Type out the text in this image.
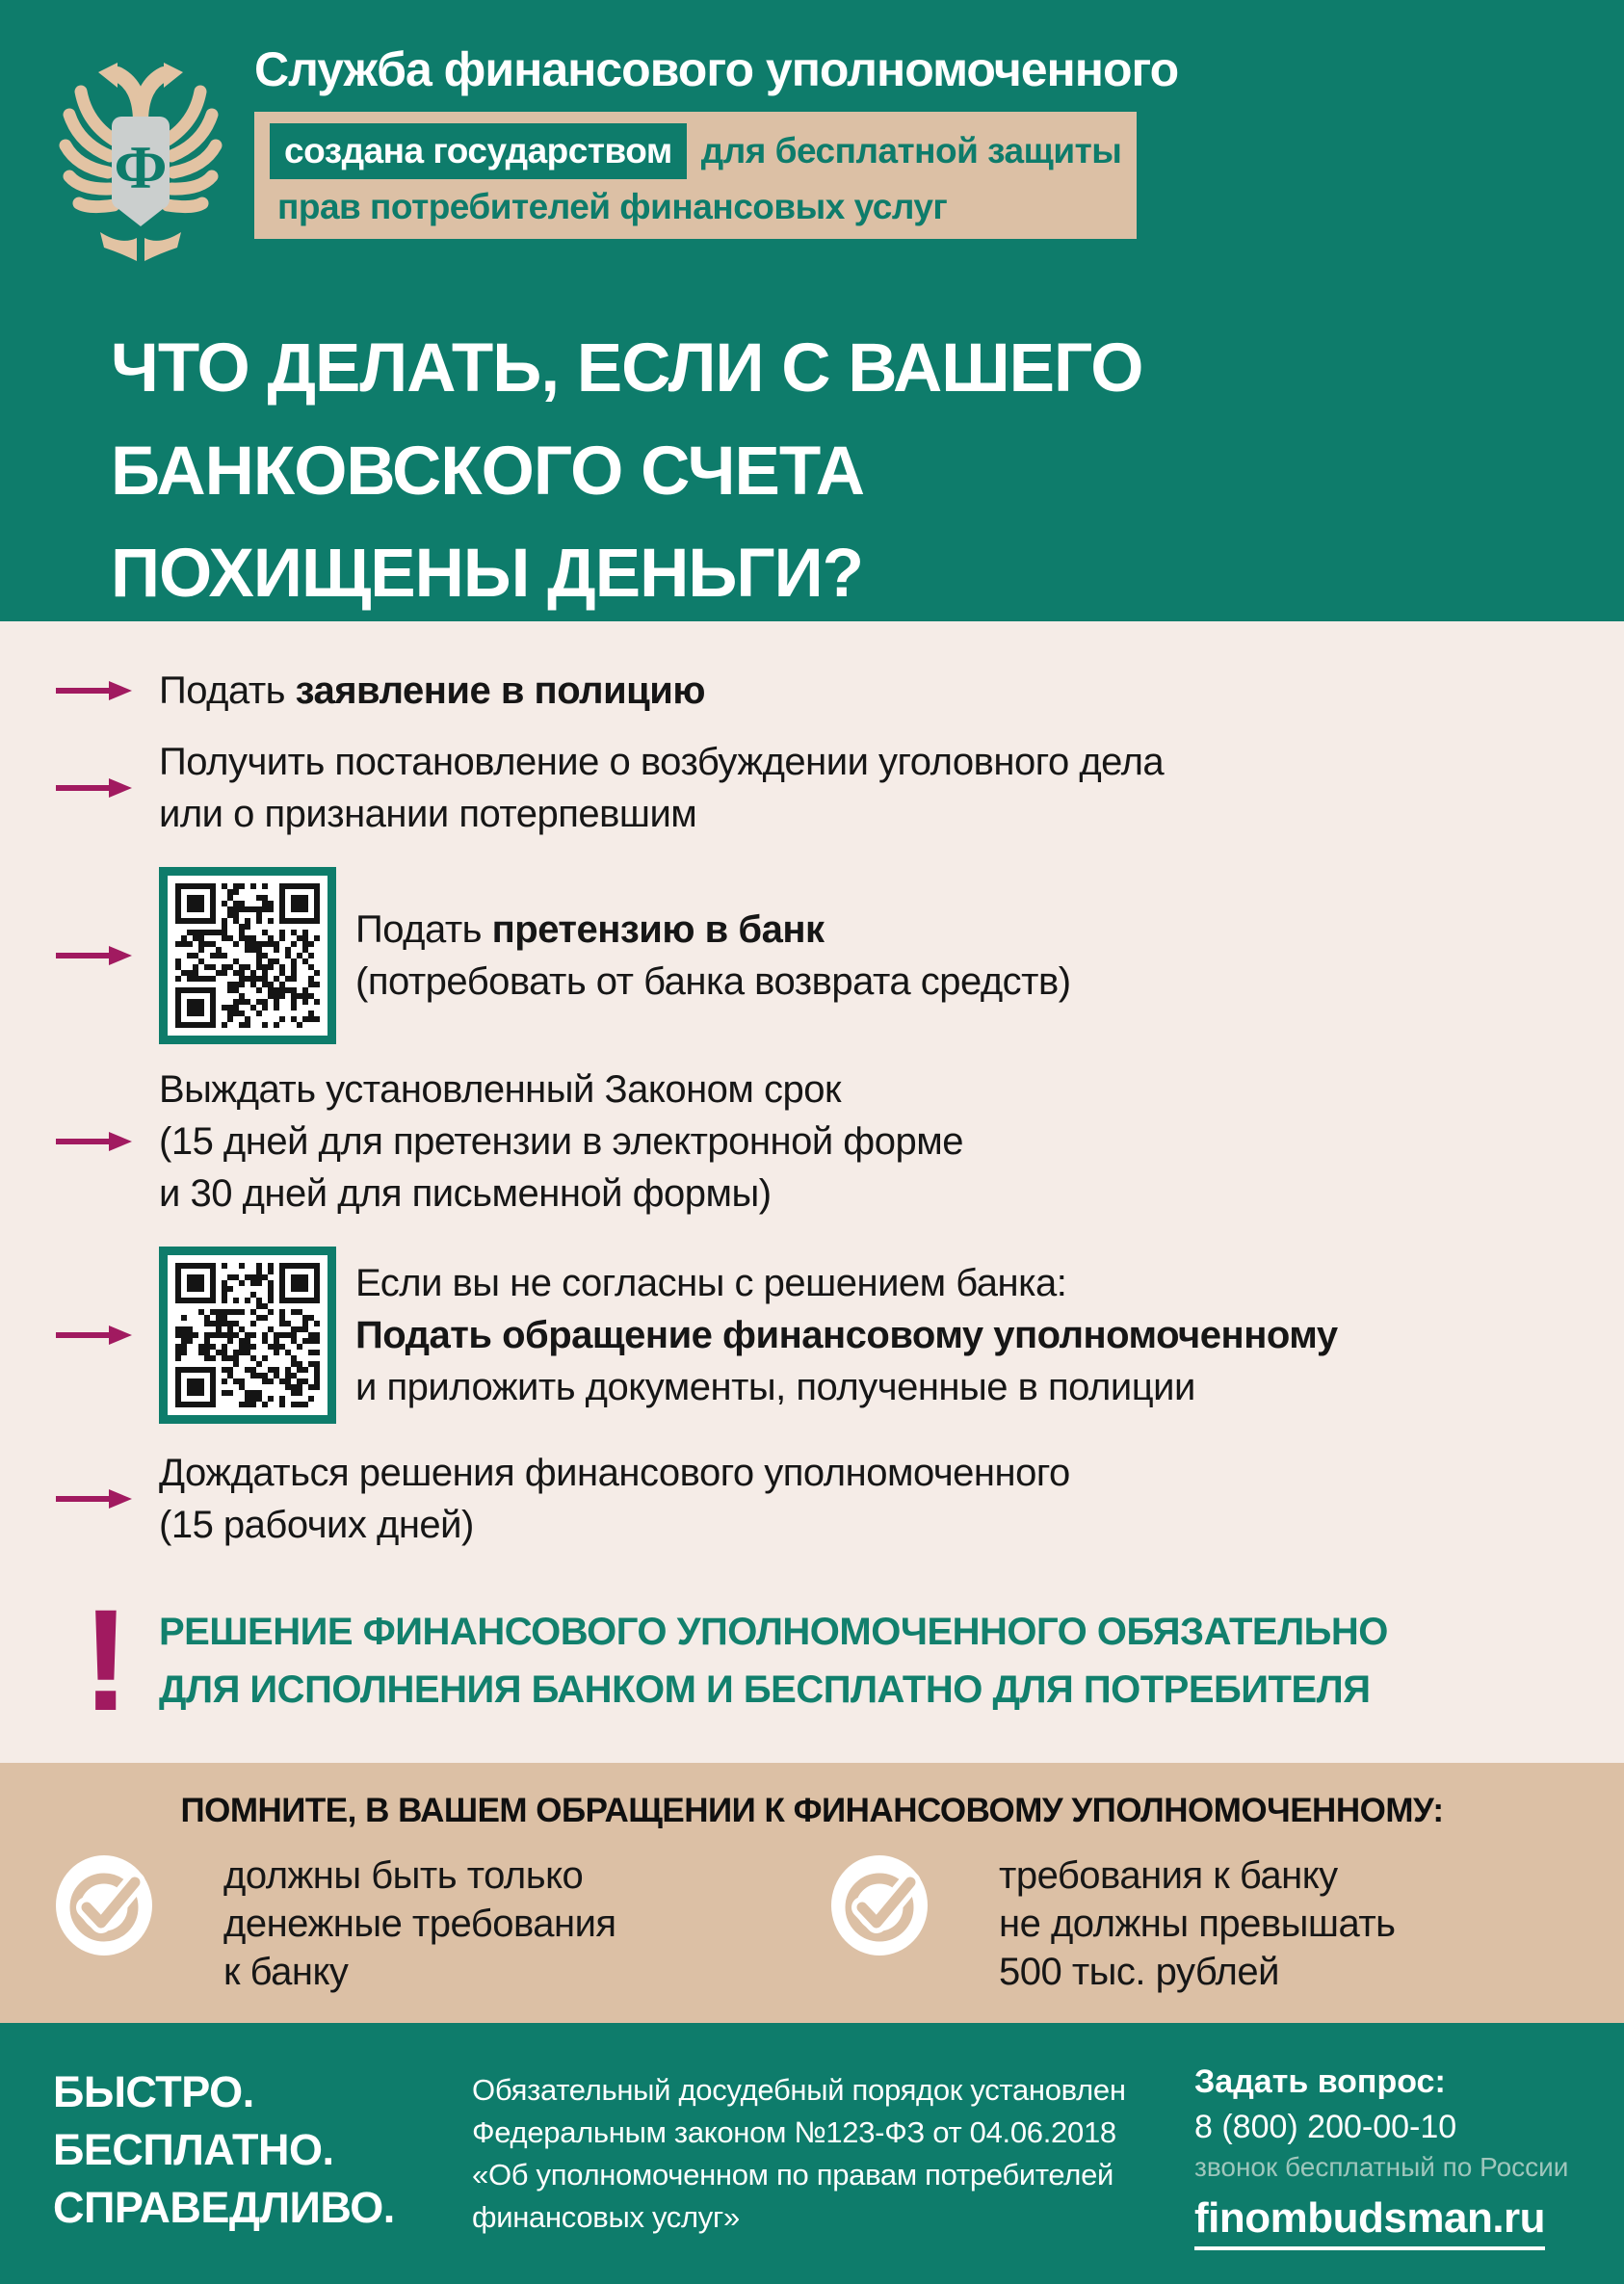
Ф
Служба финансового уполномоченного
создана государством для бесплатной защиты
прав потребителей финансовых услуг
ЧТО ДЕЛАТЬ, ЕСЛИ С ВАШЕГО
БАНКОВСКОГО СЧЕТА
ПОХИЩЕНЫ ДЕНЬГИ?
Подать заявление в полицию
Получить постановление о возбуждении уголовного дела
или о признании потерпевшим
Подать претензию в банк
(потребовать от банка возврата средств)
Выждать установленный Законом срок
(15 дней для претензии в электронной форме
и 30 дней для письменной формы)
Если вы не согласны с решением банка:
Подать обращение финансовому уполномоченному
и приложить документы, полученные в полиции
Дождаться решения финансового уполномоченного
(15 рабочих дней)
! РЕШЕНИЕ ФИНАНСОВОГО УПОЛНОМОЧЕННОГО ОБЯЗАТЕЛЬНО
ДЛЯ ИСПОЛНЕНИЯ БАНКОМ И БЕСПЛАТНО ДЛЯ ПОТРЕБИТЕЛЯ
ПОМНИТЕ, В ВАШЕМ ОБРАЩЕНИИ К ФИНАНСОВОМУ УПОЛНОМОЧЕННОМУ:
должны быть только
денежные требования
к банку
требования к банку
не должны превышать
500 тыс. рублей
БЫСТРО.
БЕСПЛАТНО.
СПРАВЕДЛИВО.
Обязательный досудебный порядок установлен
Федеральным законом №123-ФЗ от 04.06.2018
«Об уполномоченном по правам потребителей
финансовых услуг»
Задать вопрос:
8 (800) 200-00-10
звонок бесплатный по России
finombudsman.ru
